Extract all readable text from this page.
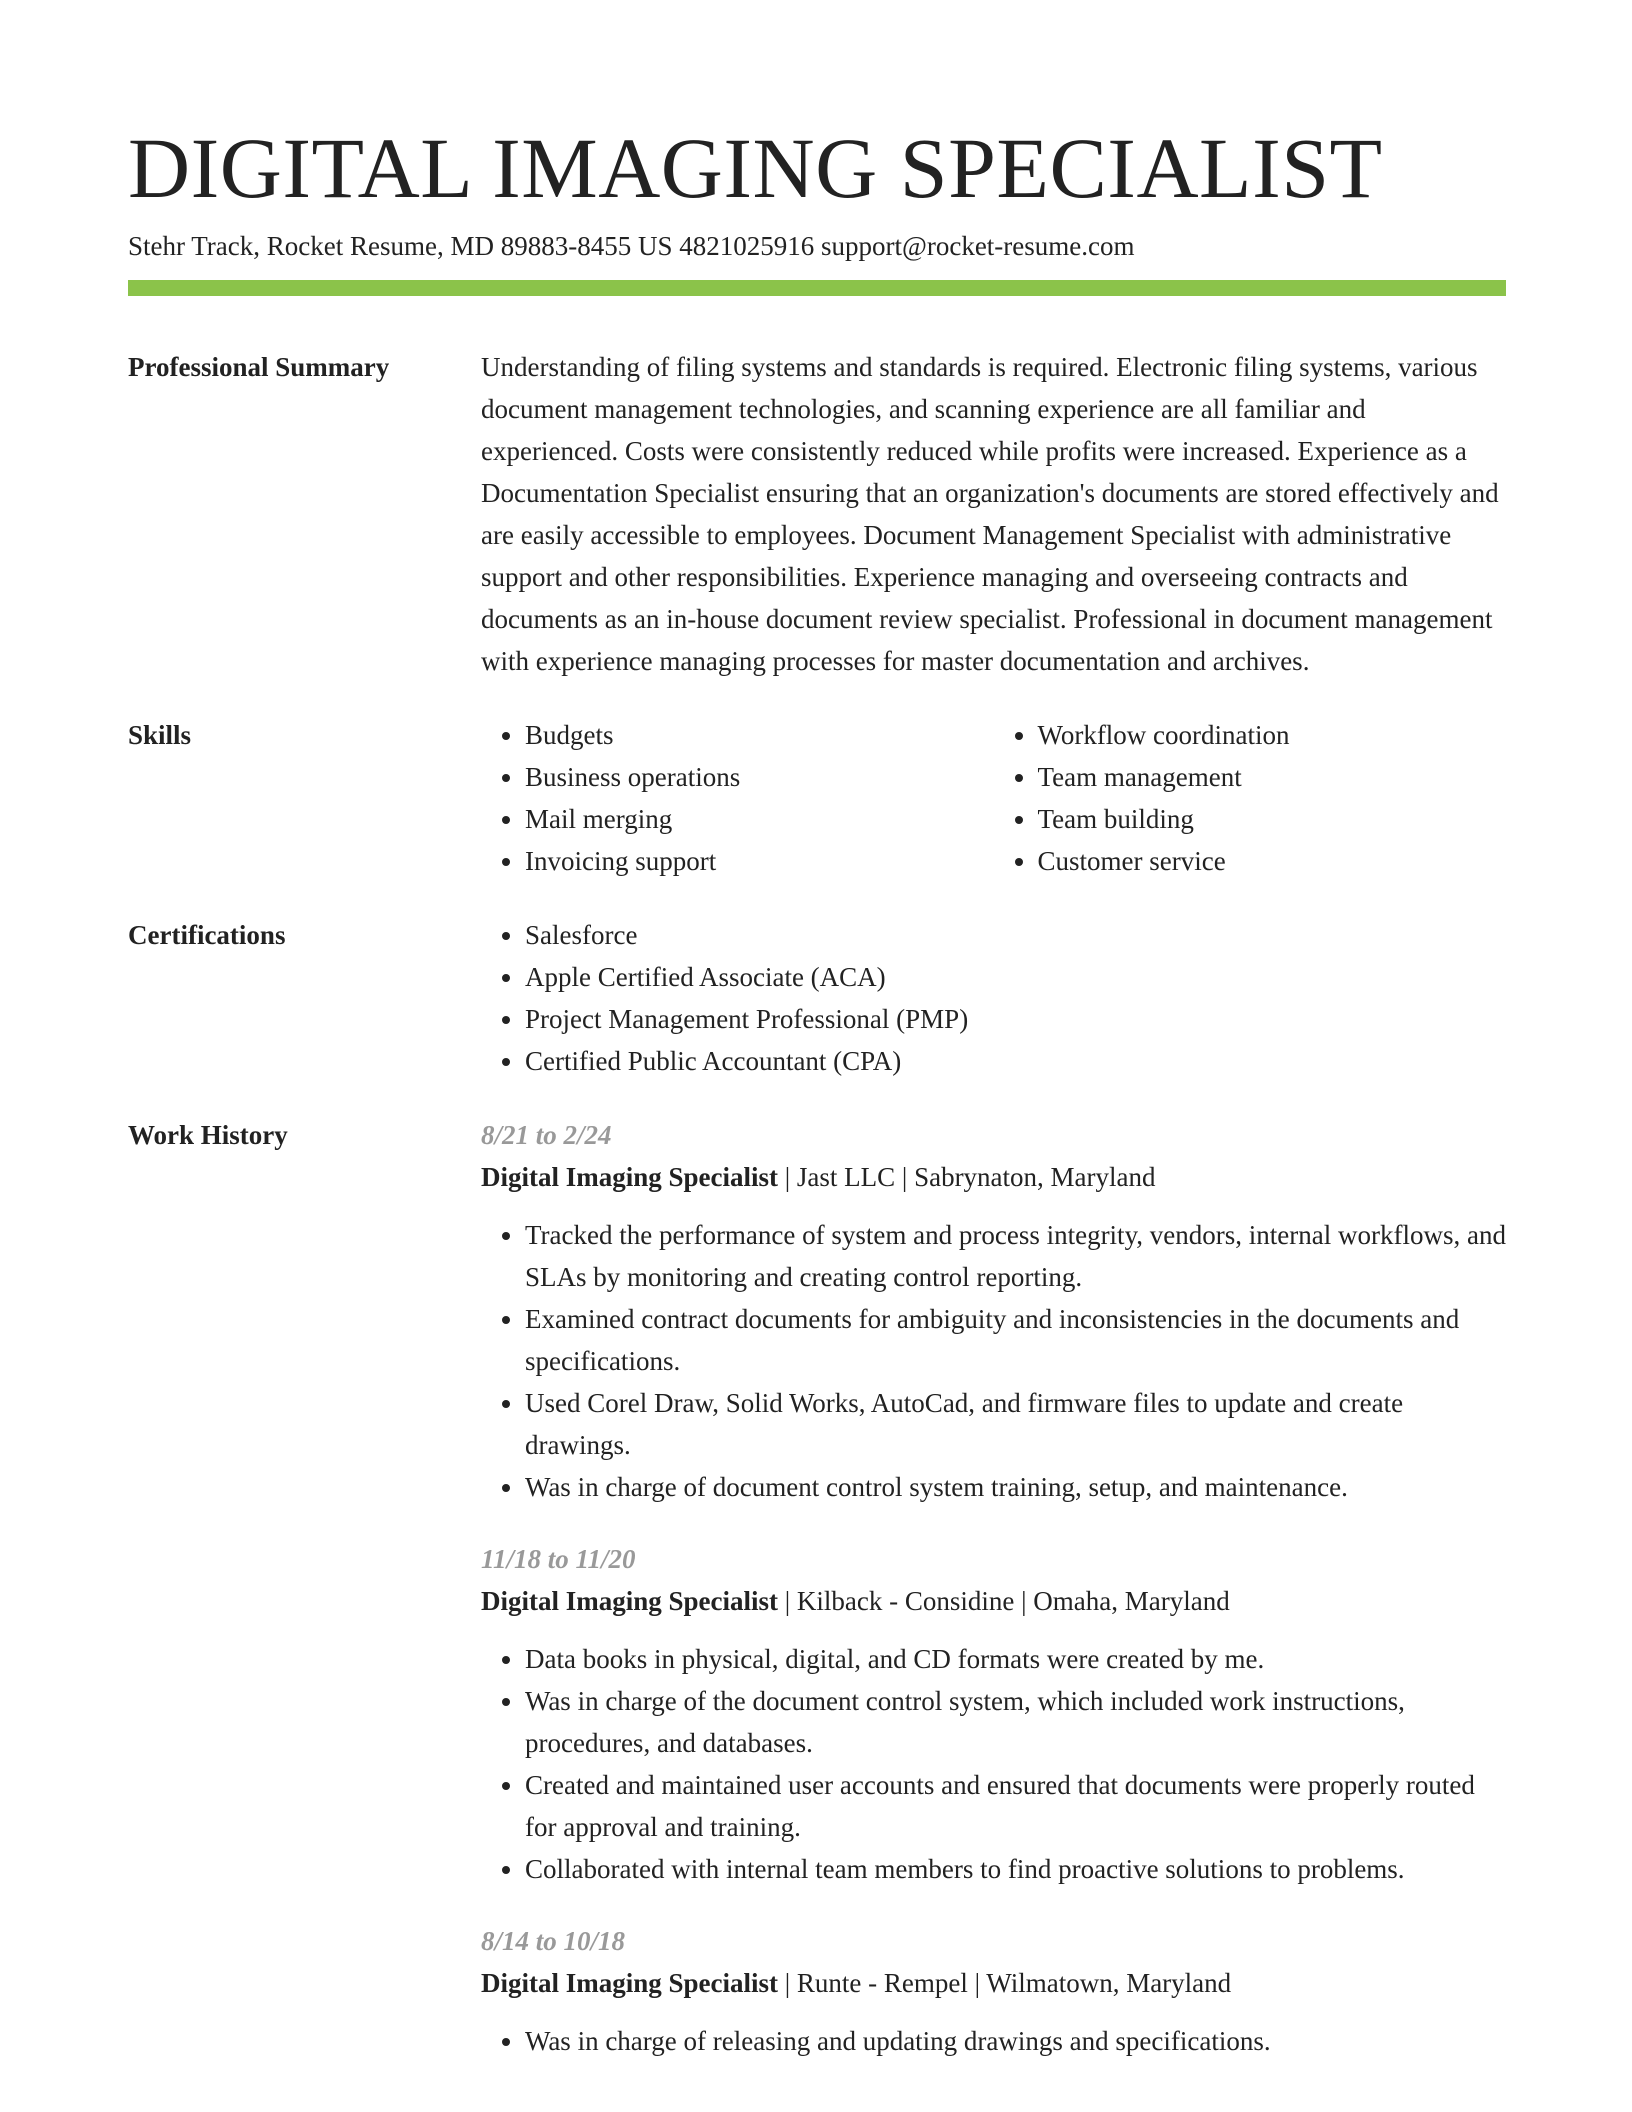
DIGITAL IMAGING SPECIALIST
Stehr Track, Rocket Resume, MD 89883-8455 US 4821025916 support@rocket-resume.com
Professional Summary	Understanding of filing systems and standards is required. Electronic filing systems, various document management technologies, and scanning experience are all familiar and experienced. Costs were consistently reduced while profits were increased. Experience as a Documentation Specialist ensuring that an organization's documents are stored effectively and are easily accessible to employees. Document Management Specialist with administrative support and other responsibilities. Experience managing and overseeing contracts and documents as an in-house document review specialist. Professional in document management with experience managing processes for master documentation and archives.
Skills	• Budgets
• Business operations
• Mail merging
• Invoicing support
• Workflow coordination
• Team management
• Team building
• Customer service
Certifications	• Salesforce
• Apple Certified Associate (ACA)
• Project Management Professional (PMP)
• Certified Public Accountant (CPA)
Work History	8/21 to 2/24
Digital Imaging Specialist | Jast LLC | Sabrynaton, Maryland
• Tracked the performance of system and process integrity, vendors, internal workflows, and SLAs by monitoring and creating control reporting.
• Examined contract documents for ambiguity and inconsistencies in the documents and specifications.
• Used Corel Draw, Solid Works, AutoCad, and firmware files to update and create drawings.
• Was in charge of document control system training, setup, and maintenance.
11/18 to 11/20
Digital Imaging Specialist | Kilback - Considine | Omaha, Maryland
• Data books in physical, digital, and CD formats were created by me.
• Was in charge of the document control system, which included work instructions, procedures, and databases.
• Created and maintained user accounts and ensured that documents were properly routed for approval and training.
• Collaborated with internal team members to find proactive solutions to problems.
8/14 to 10/18
Digital Imaging Specialist | Runte - Rempel | Wilmatown, Maryland
• Was in charge of releasing and updating drawings and specifications.
